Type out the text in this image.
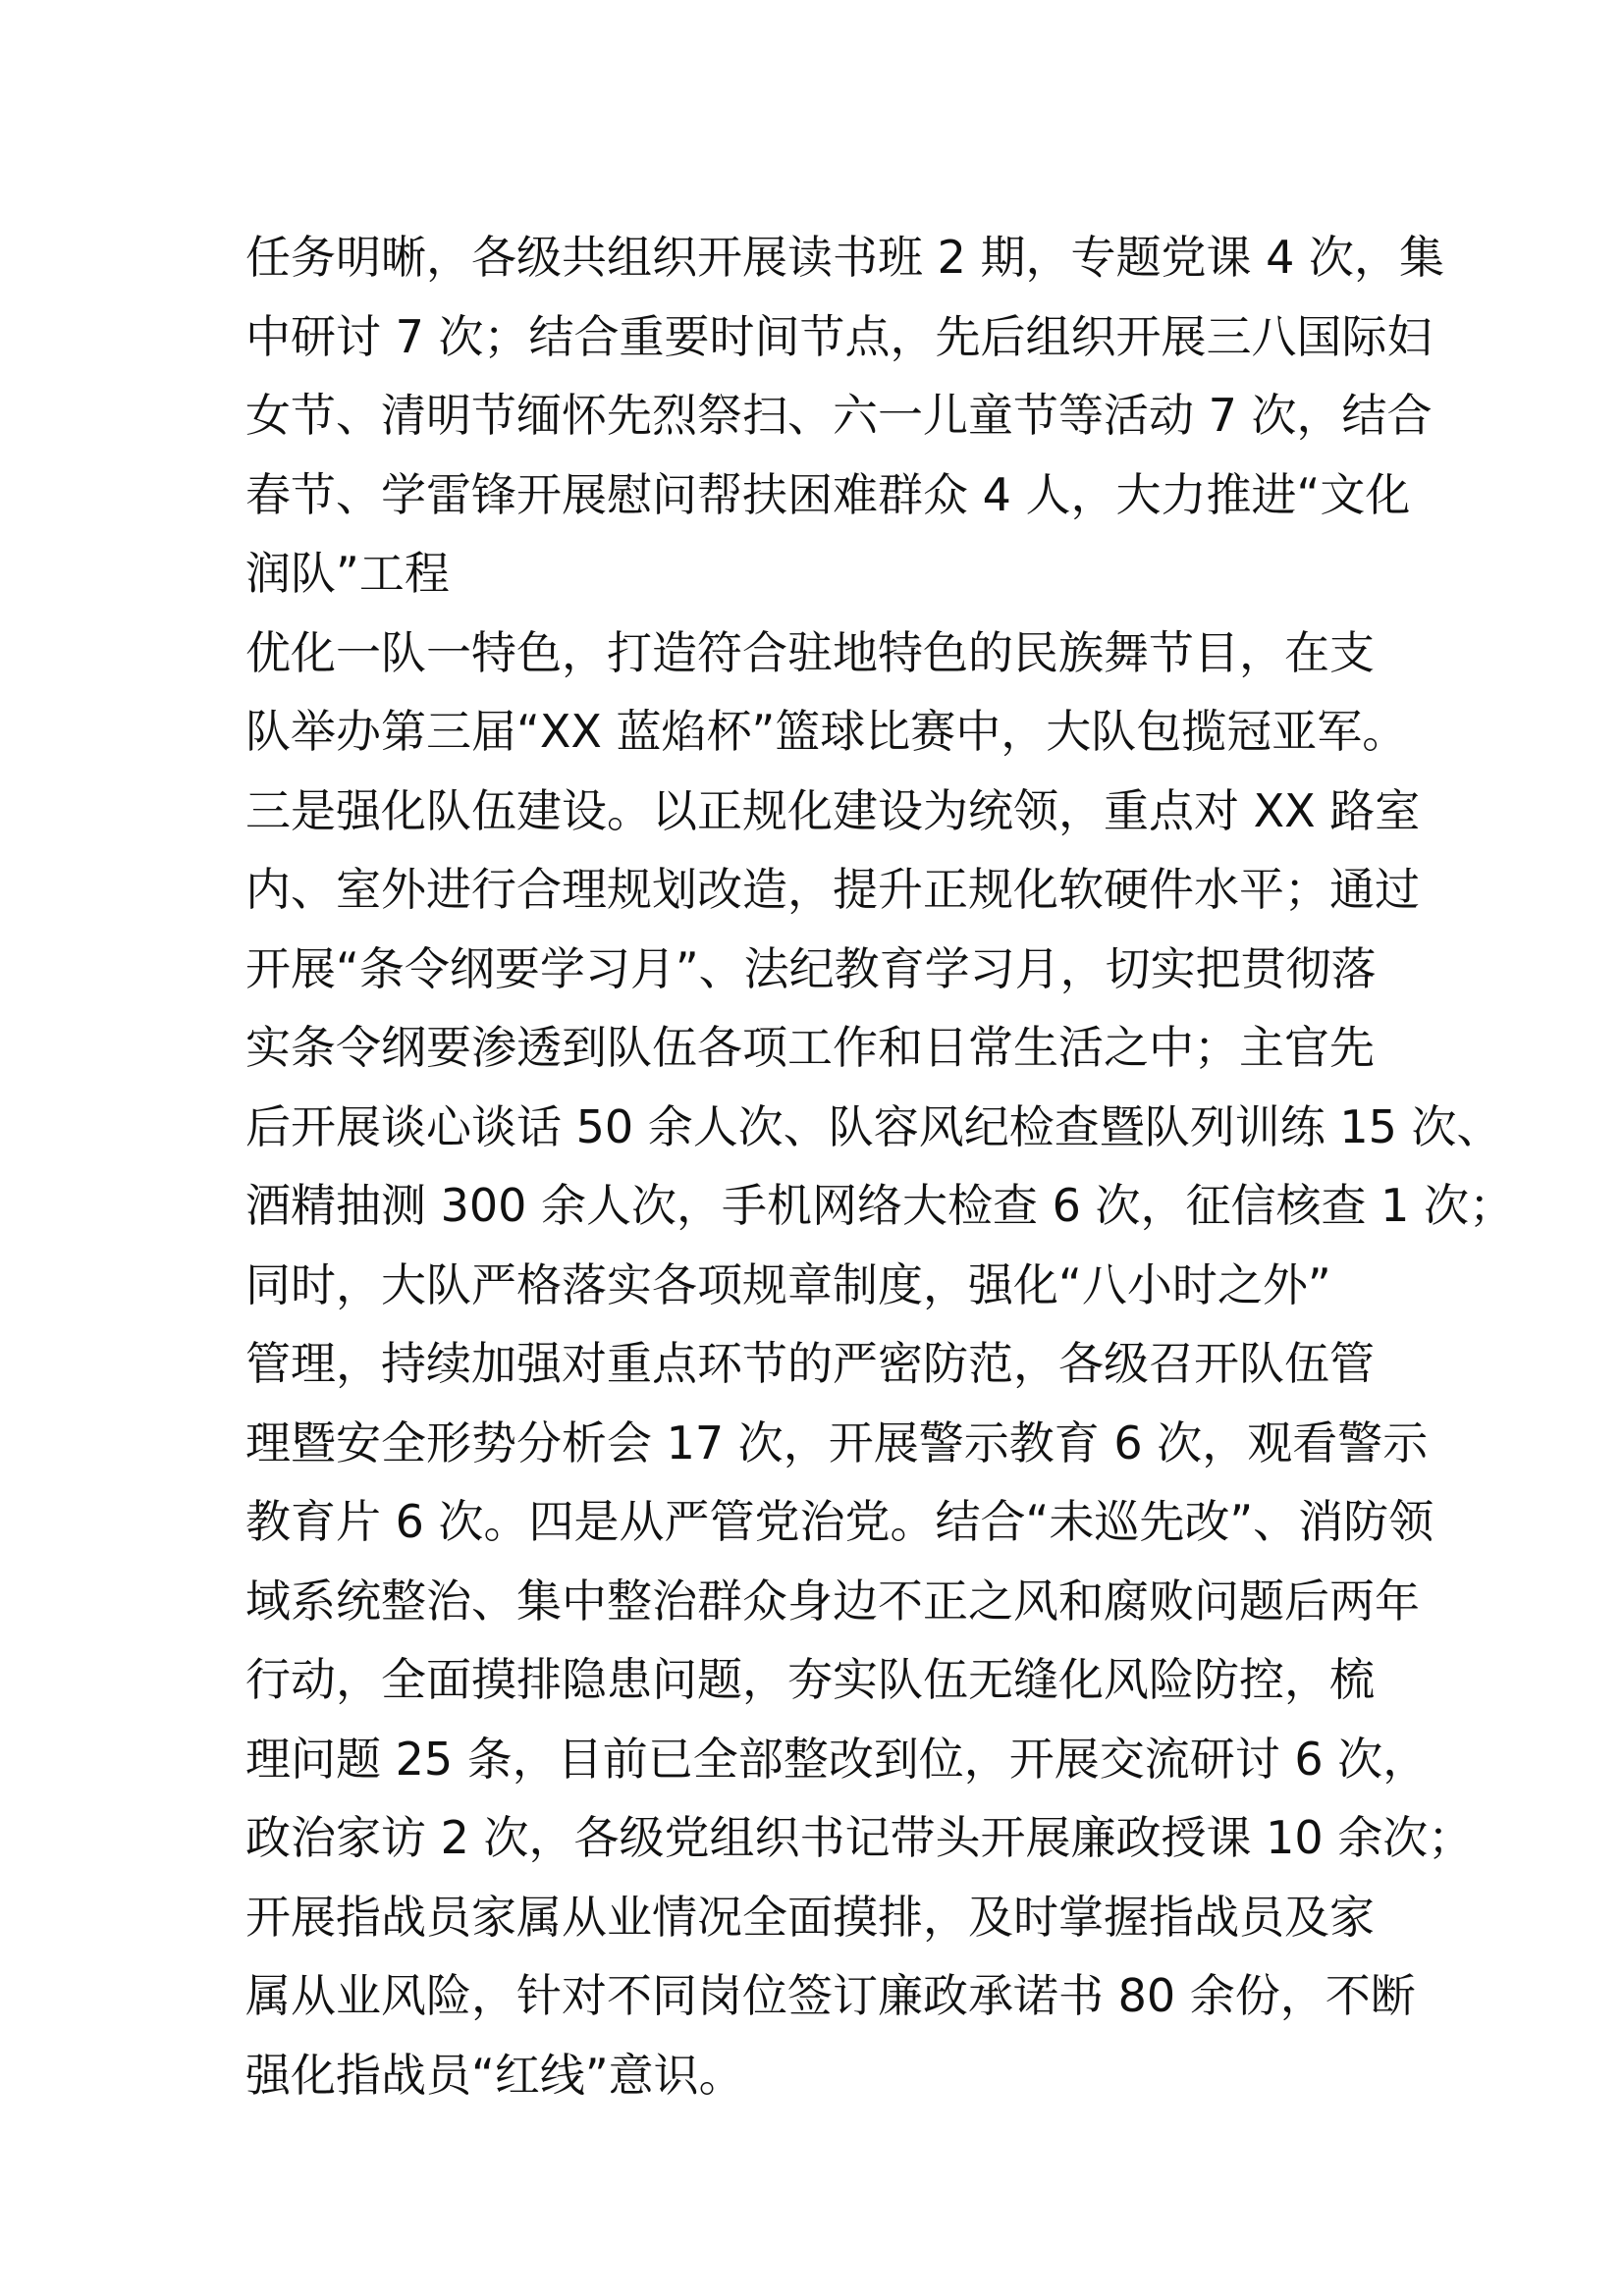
任务明晰，各级共组织开展读书班 2 期，专题党课 4 次，集
中研讨 7 次；结合重要时间节点，先后组织开展三八国际妇
女节、清明节缅怀先烈祭扫、六一儿童节等活动 7 次，结合
春节、学雷锋开展慰问帮扶困难群众 4 人，大力推进“文化
润队”工程
优化一队一特色，打造符合驻地特色的民族舞节目，在支
队举办第三届“XX 蓝焰杯”篮球比赛中，大队包揽冠亚军。
三是强化队伍建设。以正规化建设为统领，重点对 XX 路室
内、室外进行合理规划改造，提升正规化软硬件水平；通过
开展“条令纲要学习月”、法纪教育学习月，切实把贯彻落
实条令纲要渗透到队伍各项工作和日常生活之中；主官先
后开展谈心谈话 50 余人次、队容风纪检查暨队列训练 15 次、
酒精抽测 300 余人次，手机网络大检查 6 次，征信核查 1 次；
同时，大队严格落实各项规章制度，强化“八小时之外”
管理，持续加强对重点环节的严密防范，各级召开队伍管
理暨安全形势分析会 17 次，开展警示教育 6 次，观看警示
教育片 6 次。四是从严管党治党。结合“未巡先改”、消防领
域系统整治、集中整治群众身边不正之风和腐败问题后两年
行动，全面摸排隐患问题，夯实队伍无缝化风险防控，梳
理问题 25 条，目前已全部整改到位，开展交流研讨 6 次，
政治家访 2 次，各级党组织书记带头开展廉政授课 10 余次；
开展指战员家属从业情况全面摸排，及时掌握指战员及家
属从业风险，针对不同岗位签订廉政承诺书 80 余份，不断
强化指战员“红线”意识。
